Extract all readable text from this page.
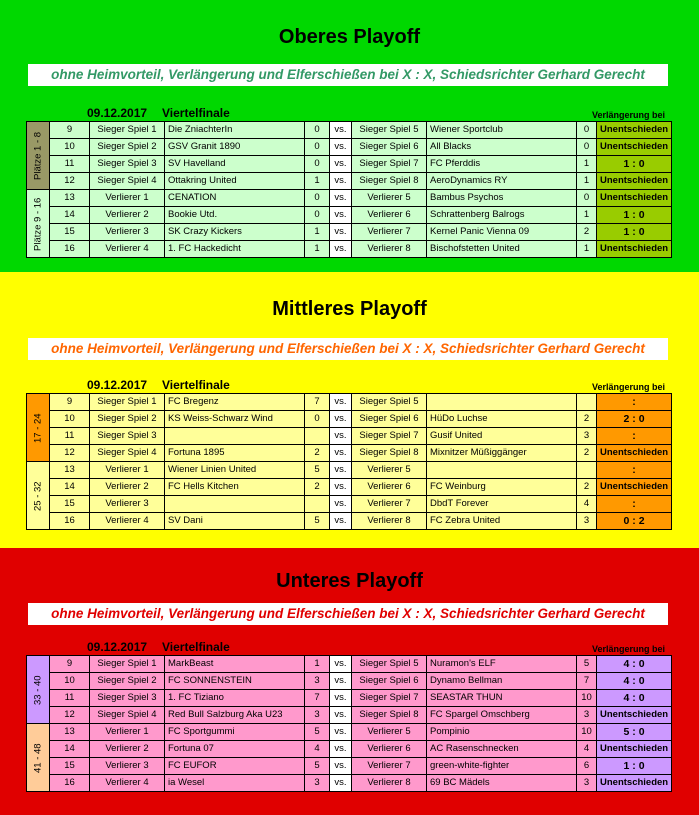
Oberes Playoff
ohne Heimvorteil, Verlängerung und Elferschießen bei X : X, Schiedsrichter Gerhard Gerecht
09.12.2017 Viertelfinale	Verlängerung bei
Plätze 1 - 8	9	Sieger Spiel 1	Die ZniachterIn	0	vs.	Sieger Spiel 5	Wiener Sportclub	0	Unentschieden
	10	Sieger Spiel 2	GSV Granit 1890	0	vs.	Sieger Spiel 6	All Blacks	0	Unentschieden
	11	Sieger Spiel 3	SV Havelland	0	vs.	Sieger Spiel 7	FC Pferddis	1	1 : 0
	12	Sieger Spiel 4	Ottakring United	1	vs.	Sieger Spiel 8	AeroDynamics RY	1	Unentschieden
Plätze 9 - 16	13	Verlierer 1	CENATION	0	vs.	Verlierer 5	Bambus Psychos	0	Unentschieden
	14	Verlierer 2	Bookie Utd.	0	vs.	Verlierer 6	Schrattenberg Balrogs	1	1 : 0
	15	Verlierer 3	SK Crazy Kickers	1	vs.	Verlierer 7	Kernel Panic Vienna 09	2	1 : 0
	16	Verlierer 4	1. FC Hackedicht	1	vs.	Verlierer 8	Bischofstetten United	1	Unentschieden
Mittleres Playoff
ohne Heimvorteil, Verlängerung und Elferschießen bei X : X, Schiedsrichter Gerhard Gerecht
09.12.2017 Viertelfinale	Verlängerung bei
17 - 24	9	Sieger Spiel 1	FC Bregenz	7	vs.	Sieger Spiel 5			:
	10	Sieger Spiel 2	KS Weiss-Schwarz Wind	0	vs.	Sieger Spiel 6	HüDo Luchse	2	2 : 0
	11	Sieger Spiel 3			vs.	Sieger Spiel 7	Gusif United	3	:
	12	Sieger Spiel 4	Fortuna 1895	2	vs.	Sieger Spiel 8	Mixnitzer Müßiggänger	2	Unentschieden
25 - 32	13	Verlierer 1	Wiener Linien United	5	vs.	Verlierer 5			:
	14	Verlierer 2	FC Hells Kitchen	2	vs.	Verlierer 6	FC Weinburg	2	Unentschieden
	15	Verlierer 3			vs.	Verlierer 7	DbdT Forever	4	:
	16	Verlierer 4	SV Dani	5	vs.	Verlierer 8	FC Zebra United	3	0 : 2
Unteres Playoff
ohne Heimvorteil, Verlängerung und Elferschießen bei X : X, Schiedsrichter Gerhard Gerecht
09.12.2017 Viertelfinale	Verlängerung bei
33 - 40	9	Sieger Spiel 1	MarkBeast	1	vs.	Sieger Spiel 5	Nuramon's ELF	5	4 : 0
	10	Sieger Spiel 2	FC SONNENSTEIN	3	vs.	Sieger Spiel 6	Dynamo Bellman	7	4 : 0
	11	Sieger Spiel 3	1. FC Tiziano	7	vs.	Sieger Spiel 7	SEASTAR THUN	10	4 : 0
	12	Sieger Spiel 4	Red Bull Salzburg Aka U23	3	vs.	Sieger Spiel 8	FC Spargel Omschberg	3	Unentschieden
41 - 48	13	Verlierer 1	FC Sportgummi	5	vs.	Verlierer 5	Pompinio	10	5 : 0
	14	Verlierer 2	Fortuna 07	4	vs.	Verlierer 6	AC Rasenschnecken	4	Unentschieden
	15	Verlierer 3	FC EUFOR	5	vs.	Verlierer 7	green-white-fighter	6	1 : 0
	16	Verlierer 4	ia Wesel	3	vs.	Verlierer 8	69 BC Mädels	3	Unentschieden
